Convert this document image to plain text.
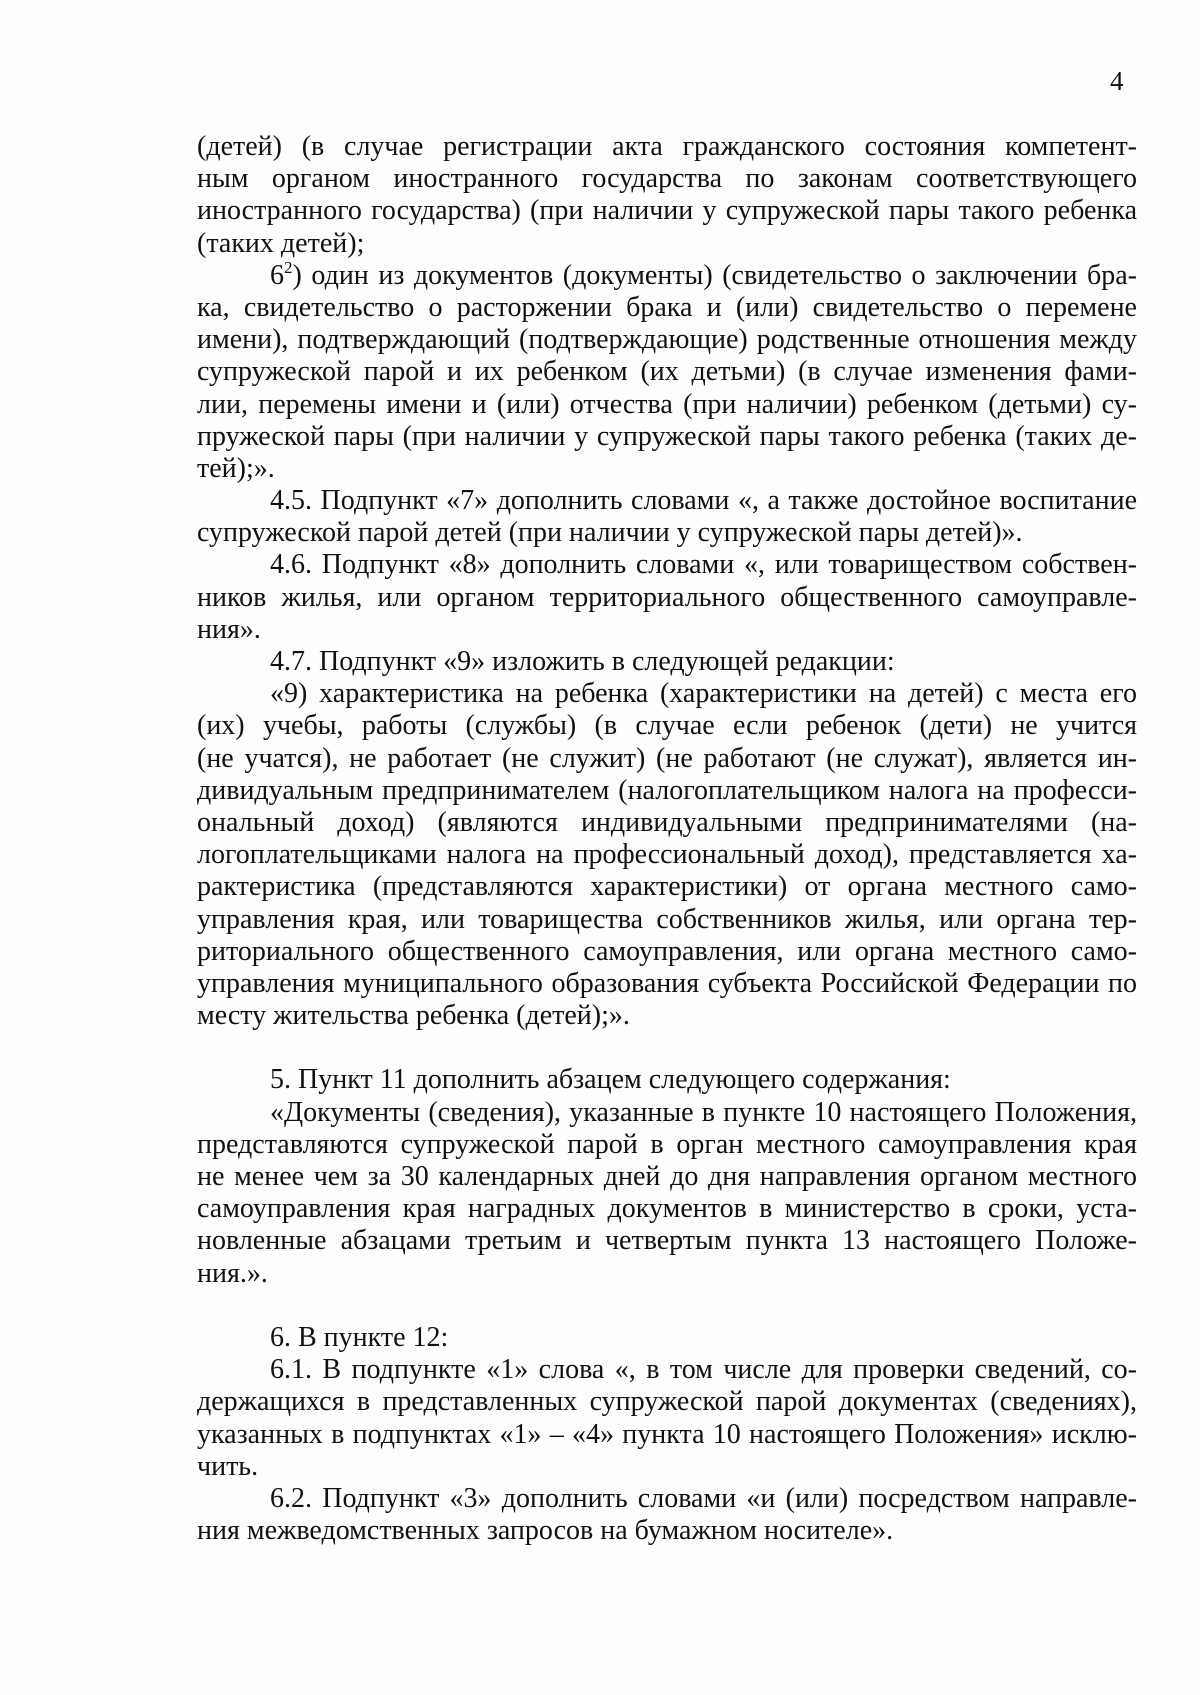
4
(детей) (в случае регистрации акта гражданского состояния компетент-
ным органом иностранного государства по законам соответствующего
иностранного государства) (при наличии у супружеской пары такого ребенка
(таких детей);
$6^2$) один из документов (документы) (свидетельство о заключении бра-
ка, свидетельство о расторжении брака и (или) свидетельство о перемене
имени), подтверждающий (подтверждающие) родственные отношения между
супружеской парой и их ребенком (их детьми) (в случае изменения фами-
лии, перемены имени и (или) отчества (при наличии) ребенком (детьми) су-
пружеской пары (при наличии у супружеской пары такого ребенка (таких де-
тей);».
4.5. Подпункт «7» дополнить словами «, а также достойное воспитание
супружеской парой детей (при наличии у супружеской пары детей)».
4.6. Подпункт «8» дополнить словами «, или товариществом собствен-
ников жилья, или органом территориального общественного самоуправле-
ния».
4.7. Подпункт «9» изложить в следующей редакции:
«9) характеристика на ребенка (характеристики на детей) с места его
(их) учебы, работы (службы) (в случае если ребенок (дети) не учится
(не учатся), не работает (не служит) (не работают (не служат), является ин-
дивидуальным предпринимателем (налогоплательщиком налога на професси-
ональный доход) (являются индивидуальными предпринимателями (на-
логоплательщиками налога на профессиональный доход), представляется ха-
рактеристика (представляются характеристики) от органа местного само-
управления края, или товарищества собственников жилья, или органа тер-
риториального общественного самоуправления, или органа местного само-
управления муниципального образования субъекта Российской Федерации по
месту жительства ребенка (детей);».
5. Пункт 11 дополнить абзацем следующего содержания:
«Документы (сведения), указанные в пункте 10 настоящего Положения,
представляются супружеской парой в орган местного самоуправления края
не менее чем за 30 календарных дней до дня направления органом местного
самоуправления края наградных документов в министерство в сроки, уста-
новленные абзацами третьим и четвертым пункта 13 настоящего Положе-
ния.».
6. В пункте 12:
6.1. В подпункте «1» слова «, в том числе для проверки сведений, со-
держащихся в представленных супружеской парой документах (сведениях),
указанных в подпунктах «1» – «4» пункта 10 настоящего Положения» исклю-
чить.
6.2. Подпункт «3» дополнить словами «и (или) посредством направле-
ния межведомственных запросов на бумажном носителе».
